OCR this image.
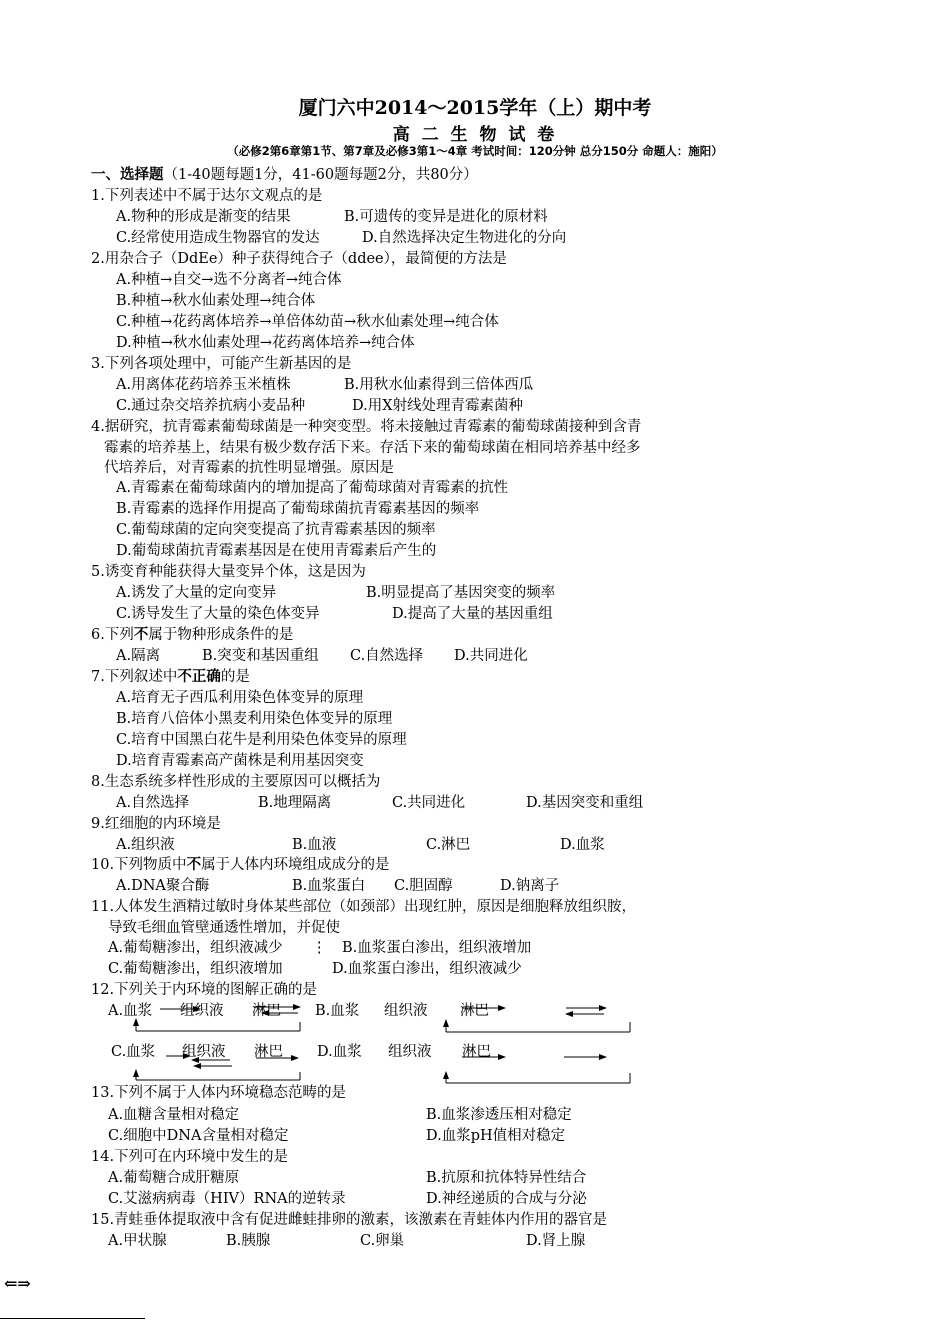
厦门六中2014～2015学年（上）期中考
高 二 生 物 试 卷
（必修2第6章第1节、第7章及必修3第1～4章 考试时间：120分钟 总分150分 命题人：施阳）
一、选择题（1-40题每题1分，41-60题每题2分，共80分）
1.下列表述中不属于达尔文观点的是
A.物种的形成是渐变的结果	B.可遗传的变异是进化的原材料
C.经常使用造成生物器官的发达	D.自然选择决定生物进化的分向
2.用杂合子（DdEe）种子获得纯合子（ddee），最简便的方法是
A.种植→自交→选不分离者→纯合体
B.种植→秋水仙素处理→纯合体
C.种植→花药离体培养→单倍体幼苗→秋水仙素处理→纯合体
D.种植→秋水仙素处理→花药离体培养→纯合体
3.下列各项处理中，可能产生新基因的是
A.用离体花药培养玉米植株	B.用秋水仙素得到三倍体西瓜
C.通过杂交培养抗病小麦品种	D.用X射线处理青霉素菌种
4.据研究，抗青霉素葡萄球菌是一种突变型。将未接触过青霉素的葡萄球菌接种到含青
霉素的培养基上，结果有极少数存活下来。存活下来的葡萄球菌在相同培养基中经多
代培养后，对青霉素的抗性明显增强。原因是
A.青霉素在葡萄球菌内的增加提高了葡萄球菌对青霉素的抗性
B.青霉素的选择作用提高了葡萄球菌抗青霉素基因的频率
C.葡萄球菌的定向突变提高了抗青霉素基因的频率
D.葡萄球菌抗青霉素基因是在使用青霉素后产生的
5.诱变育种能获得大量变异个体，这是因为
A.诱发了大量的定向变异	B.明显提高了基因突变的频率
C.诱导发生了大量的染色体变异	D.提高了大量的基因重组
6.下列不属于物种形成条件的是
A.隔离	B.突变和基因重组 C.自然选择 D.共同进化
7.下列叙述中不正确的是
A.培育无子西瓜利用染色体变异的原理
B.培育八倍体小黑麦利用染色体变异的原理
C.培育中国黑白花牛是利用染色体变异的原理
D.培育青霉素高产菌株是利用基因突变
8.生态系统多样性形成的主要原因可以概括为
A.自然选择	B.地理隔离	C.共同进化	D.基因突变和重组
9.红细胞的内环境是
A.组织液	B.血液	C.淋巴	D.血浆
10.下列物质中不属于人体内环境组成成分的是
A.DNA聚合酶	B.血浆蛋白 C.胆固醇	D.钠离子
11.人体发生酒精过敏时身体某些部位（如颈部）出现红肿，原因是细胞释放组织胺，
导致毛细血管壁通透性增加，并促使
A.葡萄糖渗出，组织液减少 ⋮ B.血浆蛋白渗出，组织液增加
C.葡萄糖渗出，组织液增加	D.血浆蛋白渗出，组织液减少
12.下列关于内环境的图解正确的是
A.血浆 组织液 淋巴 B.血浆 组织液 淋巴
C.血浆 组织液 淋巴 D.血浆 组织液 淋巴
13.下列不属于人体内环境稳态范畴的是
A.血糖含量相对稳定	B.血浆渗透压相对稳定
C.细胞中DNA含量相对稳定	D.血浆pH值相对稳定
14.下列可在内环境中发生的是
A.葡萄糖合成肝糖原	B.抗原和抗体特异性结合
C.艾滋病病毒（HIV）RNA的逆转录	D.神经递质的合成与分泌
15.青蛙垂体提取液中含有促进雌蛙排卵的激素，该激素在青蛙体内作用的器官是
A.甲状腺	B.胰腺	C.卵巢	D.肾上腺
⇐⇒
